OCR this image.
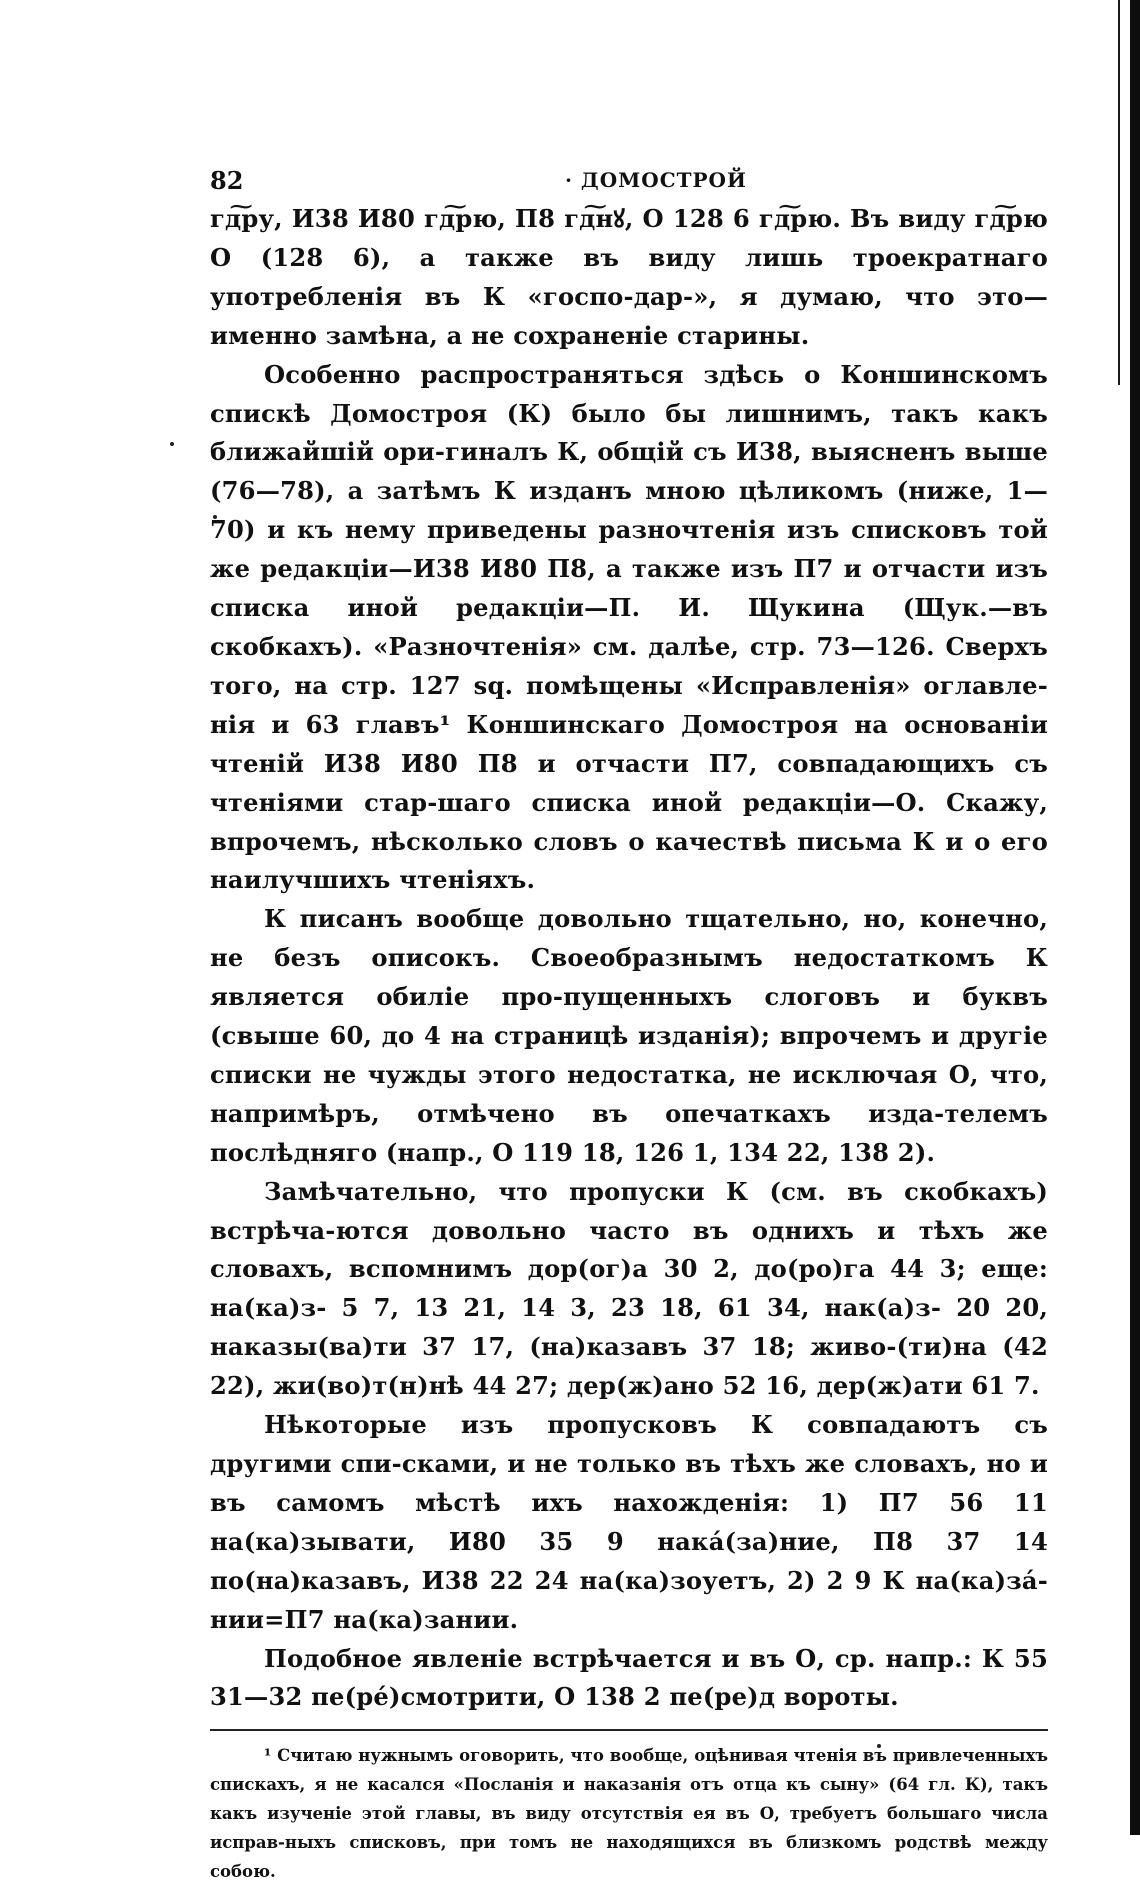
82	· ДОМОСТРОЙ

гд͠ру, И38 И80 гд͠рю, П8 гд͠нꙋ, О 128 6 гд͠рю. Въ виду гд͠рю О (128 6), а также въ виду лишь троекратнаго употребленія въ К «госпо-дар-», я думаю, что это—именно замѣна, а не сохраненіе старины.

Особенно распространяться здѣсь о Коншинскомъ спискѣ Домостроя (К) было бы лишнимъ, такъ какъ ближайшій ори-гиналъ К, общій съ И38, выясненъ выше (76—78), а затѣмъ К изданъ мною цѣликомъ (ниже, 1—70) и къ нему приведены разночтенія изъ списковъ той же редакціи—И38 И80 П8, а также изъ П7 и отчасти изъ списка иной редакціи—П. И. Щукина (Щук.—въ скобкахъ). «Разночтенія» см. далѣе, стр. 73—126. Сверхъ того, на стр. 127 sq. помѣщены «Исправленія» оглавле-нія и 63 главъ¹ Коншинскаго Домостроя на основаніи чтеній И38 И80 П8 и отчасти П7, совпадающихъ съ чтеніями стар-шаго списка иной редакціи—О. Скажу, впрочемъ, нѣсколько словъ о качествѣ письма К и о его наилучшихъ чтеніяхъ.

К писанъ вообще довольно тщательно, но, конечно, не безъ описокъ. Своеобразнымъ недостаткомъ К является обиліе про-пущенныхъ слоговъ и буквъ (свыше 60, до 4 на страницѣ изданія); впрочемъ и другіе списки не чужды этого недостатка, не исключая О, что, напримѣръ, отмѣчено въ опечаткахъ изда-телемъ послѣдняго (напр., О 119 18, 126 1, 134 22, 138 2).

Замѣчательно, что пропуски К (см. въ скобкахъ) встрѣча-ются довольно часто въ однихъ и тѣхъ же словахъ, вспомнимъ дор(ог)а 30 2, до(ро)га 44 3; еще: на(ка)з- 5 7, 13 21, 14 3, 23 18, 61 34, нак(а)з- 20 20, наказы(ва)ти 37 17, (на)казавъ 37 18; живо-(ти)на (42 22), жи(во)т(н)нѣ 44 27; дер(ж)ано 52 16, дер(ж)ати 61 7.

Нѣкоторые изъ пропусковъ К совпадаютъ съ другими спи-сками, и не только въ тѣхъ же словахъ, но и въ самомъ мѣстѣ ихъ нахожденія: 1) П7 56 11 на(ка)зывати, И80 35 9 нака́(за)ние, П8 37 14 по(на)казавъ, И38 22 24 на(ка)зоуетъ, 2) 2 9 К на(ка)за́-нии=П7 на(ка)зании.

Подобное явленіе встрѣчается и въ О, ср. напр.: К 55 31—32 пе(ре́)смотрити, О 138 2 пе(ре)д вороты.

¹ Считаю нужнымъ оговорить, что вообще, оцѣнивая чтенія въ привлеченныхъ спискахъ, я не касался «Посланія и наказанія отъ отца къ сыну» (64 гл. К), такъ какъ изученіе этой главы, въ виду отсутствія ея въ О, требуетъ большаго числа исправ-ныхъ списковъ, при томъ не находящихся въ близкомъ родствѣ между собою.
